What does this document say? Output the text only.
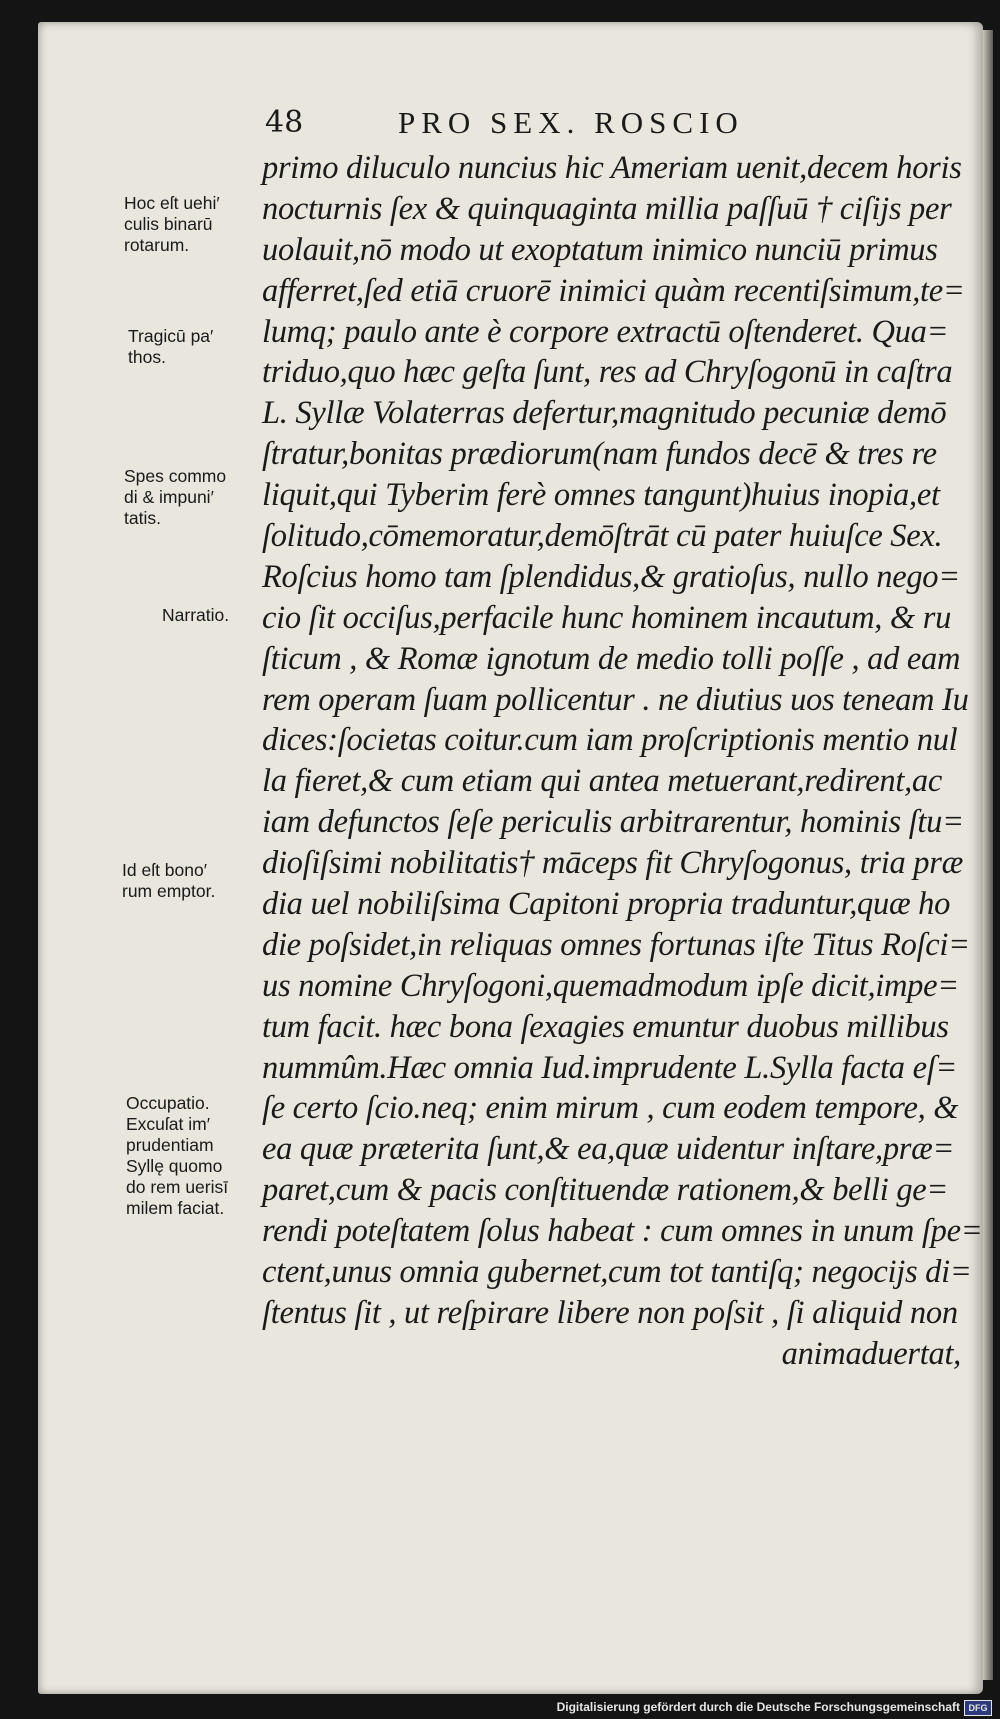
48	PRO SEX. ROSCIO
primo diluculo nuncius hic Ameriam uenit,decem horis
nocturnis ſex & quinquaginta millia paſſuū † ciſijs per
uolauit,nō modo ut exoptatum inimico nunciū primus
afferret,ſed etiā cruorē inimici quàm recentiſsimum,te=
lumq; paulo ante è corpore extractū oſtenderet. Qua=
triduo,quo hæc geſta ſunt, res ad Chryſogonū in caſtra
L. Syllæ Volaterras defertur,magnitudo pecuniæ demō
ſtratur,bonitas prædiorum(nam fundos decē & tres re
liquit,qui Tyberim ferè omnes tangunt)huius inopia,et
ſolitudo,cōmemoratur,demōſtrāt cū pater huiuſce Sex.
Roſcius homo tam ſplendidus,& gratioſus, nullo nego=
cio ſit occiſus,perfacile hunc hominem incautum, & ru
ſticum , & Romæ ignotum de medio tolli poſſe , ad eam
rem operam ſuam pollicentur . ne diutius uos teneam Iu
dices:ſocietas coitur.cum iam proſcriptionis mentio nul
la fieret,& cum etiam qui antea metuerant,redirent,ac
iam defunctos ſeſe periculis arbitrarentur, hominis ſtu=
dioſiſsimi nobilitatis† māceps fit Chryſogonus, tria præ
dia uel nobiliſsima Capitoni propria traduntur,quæ ho
die poſsidet,in reliquas omnes fortunas iſte Titus Roſci=
us nomine Chryſogoni,quemadmodum ipſe dicit,impe=
tum facit. hæc bona ſexagies emuntur duobus millibus
nummûm.Hæc omnia Iud.imprudente L.Sylla facta eſ=
ſe certo ſcio.neq; enim mirum , cum eodem tempore, &
ea quæ præterita ſunt,& ea,quæ uidentur inſtare,præ=
paret,cum & pacis conſtituendæ rationem,& belli ge=
rendi poteſtatem ſolus habeat : cum omnes in unum ſpe=
ctent,unus omnia gubernet,cum tot tantiſq; negocijs di=
ſtentus ſit , ut reſpirare libere non poſsit , ſi aliquid non
animaduertat,
Hoc eſt uehi′
culis binarū
rotarum.
Tragicū pa′
thos.
Spes commo
di & impuni′
tatis.
Narratio.
Id eſt bono′
rum emptor.
Occupatio.
Excuſat im′
prudentiam
Syllę quomo
do rem uerisī
milem faciat.
Digitalisierung gefördert durch die Deutsche Forschungsgemeinschaft DFG
